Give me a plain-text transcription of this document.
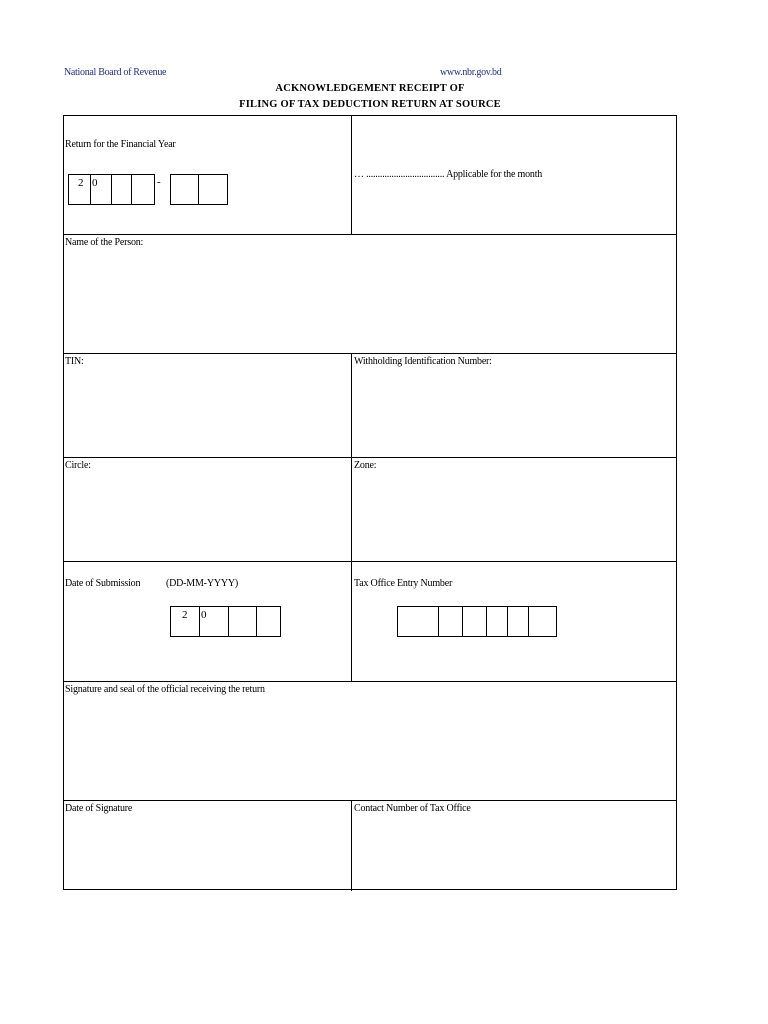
National Board of Revenue	www.nbr.gov.bd
ACKNOWLEDGEMENT RECEIPT OF
FILING OF TAX DEDUCTION RETURN AT SOURCE
Return for the Financial Year
2 0	-
… .................................. Applicable for the month
Name of the Person:
TIN:	Withholding Identification Number:
Circle:	Zone:
Date of Submission	(DD-MM-YYYY)
2 0
Tax Office Entry Number
Signature and seal of the official receiving the return
Date of Signature	Contact Number of Tax Office
